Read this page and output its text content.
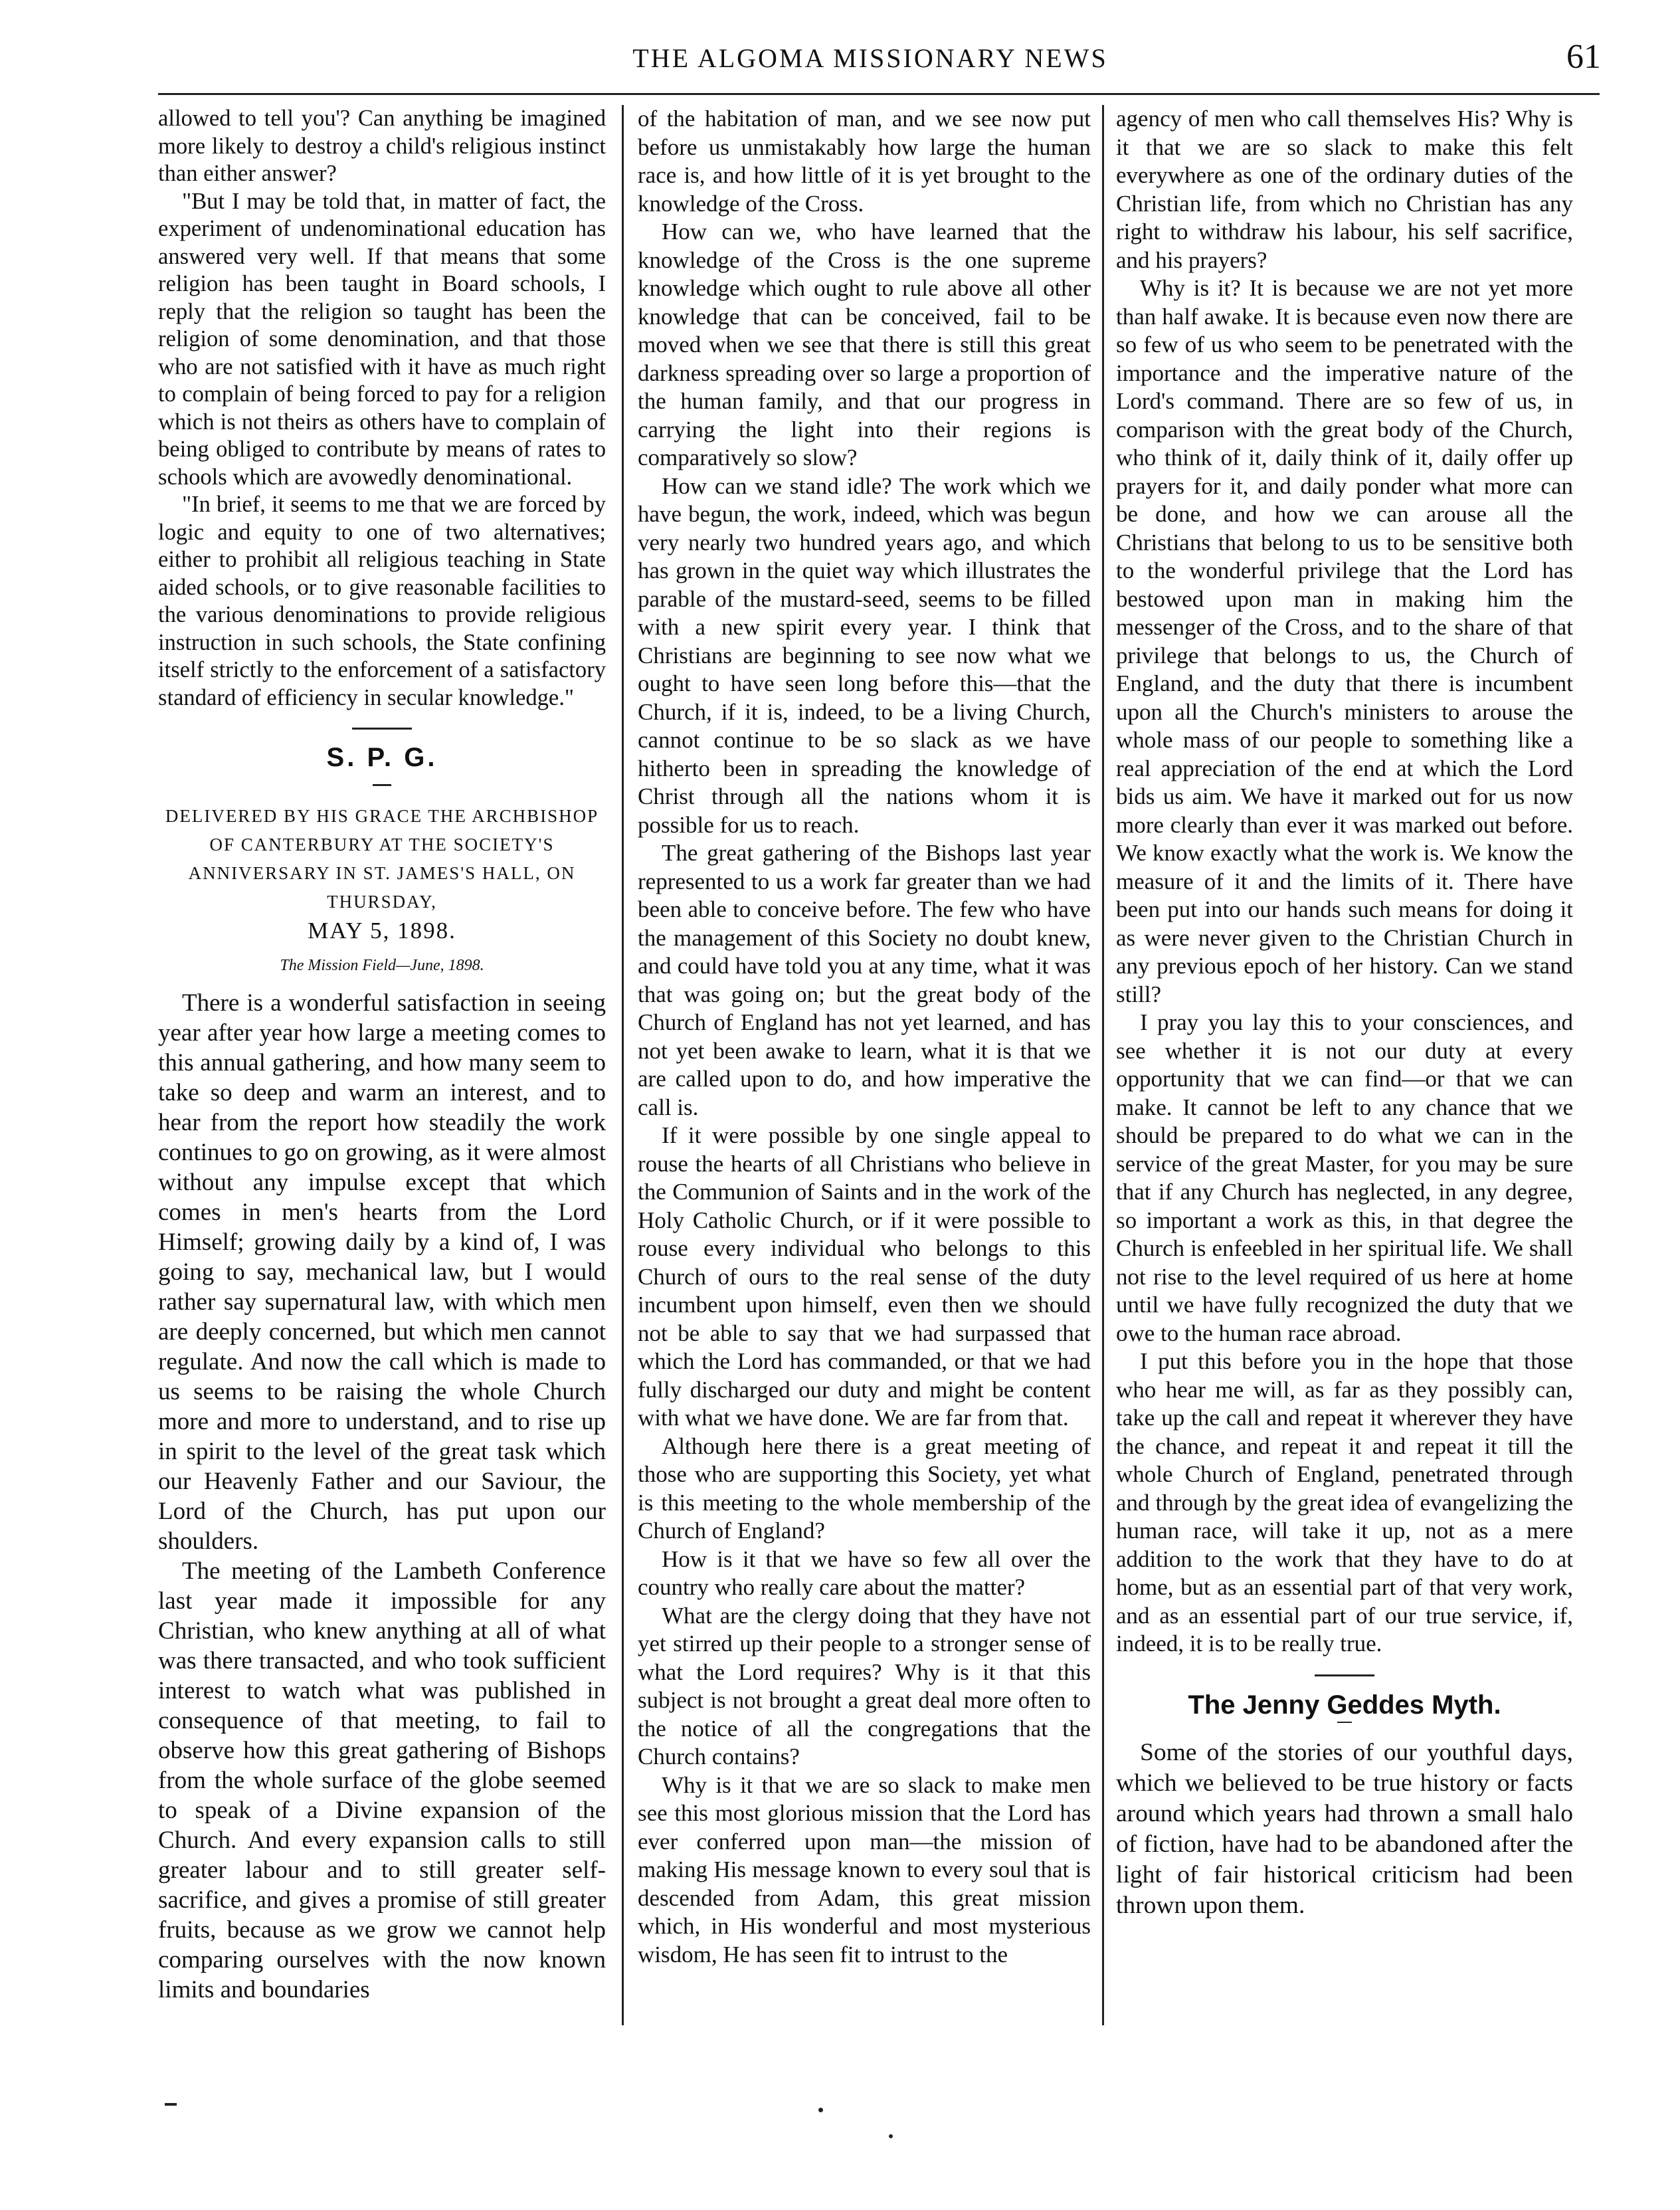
THE ALGOMA MISSIONARY NEWS	61

allowed to tell you'? Can anything be imagined more likely to destroy a child's religious instinct than either answer?

"But I may be told that, in matter of fact, the experiment of undenominational education has answered very well. If that means that some religion has been taught in Board schools, I reply that the religion so taught has been the religion of some denomination, and that those who are not satisfied with it have as much right to complain of being forced to pay for a religion which is not theirs as others have to complain of being obliged to contribute by means of rates to schools which are avowedly denominational.

"In brief, it seems to me that we are forced by logic and equity to one of two alternatives; either to prohibit all religious teaching in State aided schools, or to give reasonable facilities to the various denominations to provide religious instruction in such schools, the State confining itself strictly to the enforcement of a satisfactory standard of efficiency in secular knowledge."

S. P. G.
DELIVERED BY HIS GRACE THE ARCHBISHOP OF CANTERBURY AT THE SOCIETY'S ANNIVERSARY IN ST. JAMES'S HALL, ON THURSDAY,
MAY 5, 1898.
The Mission Field—June, 1898.

There is a wonderful satisfaction in seeing year after year how large a meeting comes to this annual gathering, and how many seem to take so deep and warm an interest, and to hear from the report how steadily the work continues to go on growing, as it were almost without any impulse except that which comes in men's hearts from the Lord Himself; growing daily by a kind of, I was going to say, mechanical law, but I would rather say supernatural law, with which men are deeply concerned, but which men cannot regulate. And now the call which is made to us seems to be raising the whole Church more and more to understand, and to rise up in spirit to the level of the great task which our Heavenly Father and our Saviour, the Lord of the Church, has put upon our shoulders.

The meeting of the Lambeth Conference last year made it impossible for any Christian, who knew anything at all of what was there transacted, and who took sufficient interest to watch what was published in consequence of that meeting, to fail to observe how this great gathering of Bishops from the whole surface of the globe seemed to speak of a Divine expansion of the Church. And every expansion calls to still greater labour and to still greater self-sacrifice, and gives a promise of still greater fruits, because as we grow we cannot help comparing ourselves with the now known limits and boundaries

of the habitation of man, and we see now put before us unmistakably how large the human race is, and how little of it is yet brought to the knowledge of the Cross.

How can we, who have learned that the knowledge of the Cross is the one supreme knowledge which ought to rule above all other knowledge that can be conceived, fail to be moved when we see that there is still this great darkness spreading over so large a proportion of the human family, and that our progress in carrying the light into their regions is comparatively so slow?

How can we stand idle? The work which we have begun, the work, indeed, which was begun very nearly two hundred years ago, and which has grown in the quiet way which illustrates the parable of the mustard-seed, seems to be filled with a new spirit every year. I think that Christians are beginning to see now what we ought to have seen long before this—that the Church, if it is, indeed, to be a living Church, cannot continue to be so slack as we have hitherto been in spreading the knowledge of Christ through all the nations whom it is possible for us to reach.

The great gathering of the Bishops last year represented to us a work far greater than we had been able to conceive before. The few who have the management of this Society no doubt knew, and could have told you at any time, what it was that was going on; but the great body of the Church of England has not yet learned, and has not yet been awake to learn, what it is that we are called upon to do, and how imperative the call is.

If it were possible by one single appeal to rouse the hearts of all Christians who believe in the Communion of Saints and in the work of the Holy Catholic Church, or if it were possible to rouse every individual who belongs to this Church of ours to the real sense of the duty incumbent upon himself, even then we should not be able to say that we had surpassed that which the Lord has commanded, or that we had fully discharged our duty and might be content with what we have done. We are far from that.

Although here there is a great meeting of those who are supporting this Society, yet what is this meeting to the whole membership of the Church of England?

How is it that we have so few all over the country who really care about the matter?

What are the clergy doing that they have not yet stirred up their people to a stronger sense of what the Lord requires? Why is it that this subject is not brought a great deal more often to the notice of all the congregations that the Church contains?

Why is it that we are so slack to make men see this most glorious mission that the Lord has ever conferred upon man—the mission of making His message known to every soul that is descended from Adam, this great mission which, in His wonderful and most mysterious wisdom, He has seen fit to intrust to the

agency of men who call themselves His? Why is it that we are so slack to make this felt everywhere as one of the ordinary duties of the Christian life, from which no Christian has any right to withdraw his labour, his self sacrifice, and his prayers?

Why is it? It is because we are not yet more than half awake. It is because even now there are so few of us who seem to be penetrated with the importance and the imperative nature of the Lord's command. There are so few of us, in comparison with the great body of the Church, who think of it, daily think of it, daily offer up prayers for it, and daily ponder what more can be done, and how we can arouse all the Christians that belong to us to be sensitive both to the wonderful privilege that the Lord has bestowed upon man in making him the messenger of the Cross, and to the share of that privilege that belongs to us, the Church of England, and the duty that there is incumbent upon all the Church's ministers to arouse the whole mass of our people to something like a real appreciation of the end at which the Lord bids us aim. We have it marked out for us now more clearly than ever it was marked out before. We know exactly what the work is. We know the measure of it and the limits of it. There have been put into our hands such means for doing it as were never given to the Christian Church in any previous epoch of her history. Can we stand still?

I pray you lay this to your consciences, and see whether it is not our duty at every opportunity that we can find—or that we can make. It cannot be left to any chance that we should be prepared to do what we can in the service of the great Master, for you may be sure that if any Church has neglected, in any degree, so important a work as this, in that degree the Church is enfeebled in her spiritual life. We shall not rise to the level required of us here at home until we have fully recognized the duty that we owe to the human race abroad.

I put this before you in the hope that those who hear me will, as far as they possibly can, take up the call and repeat it wherever they have the chance, and repeat it and repeat it till the whole Church of England, penetrated through and through by the great idea of evangelizing the human race, will take it up, not as a mere addition to the work that they have to do at home, but as an essential part of that very work, and as an essential part of our true service, if, indeed, it is to be really true.

The Jenny Geddes Myth.

Some of the stories of our youthful days, which we believed to be true history or facts around which years had thrown a small halo of fiction, have had to be abandoned after the light of fair historical criticism had been thrown upon them.
